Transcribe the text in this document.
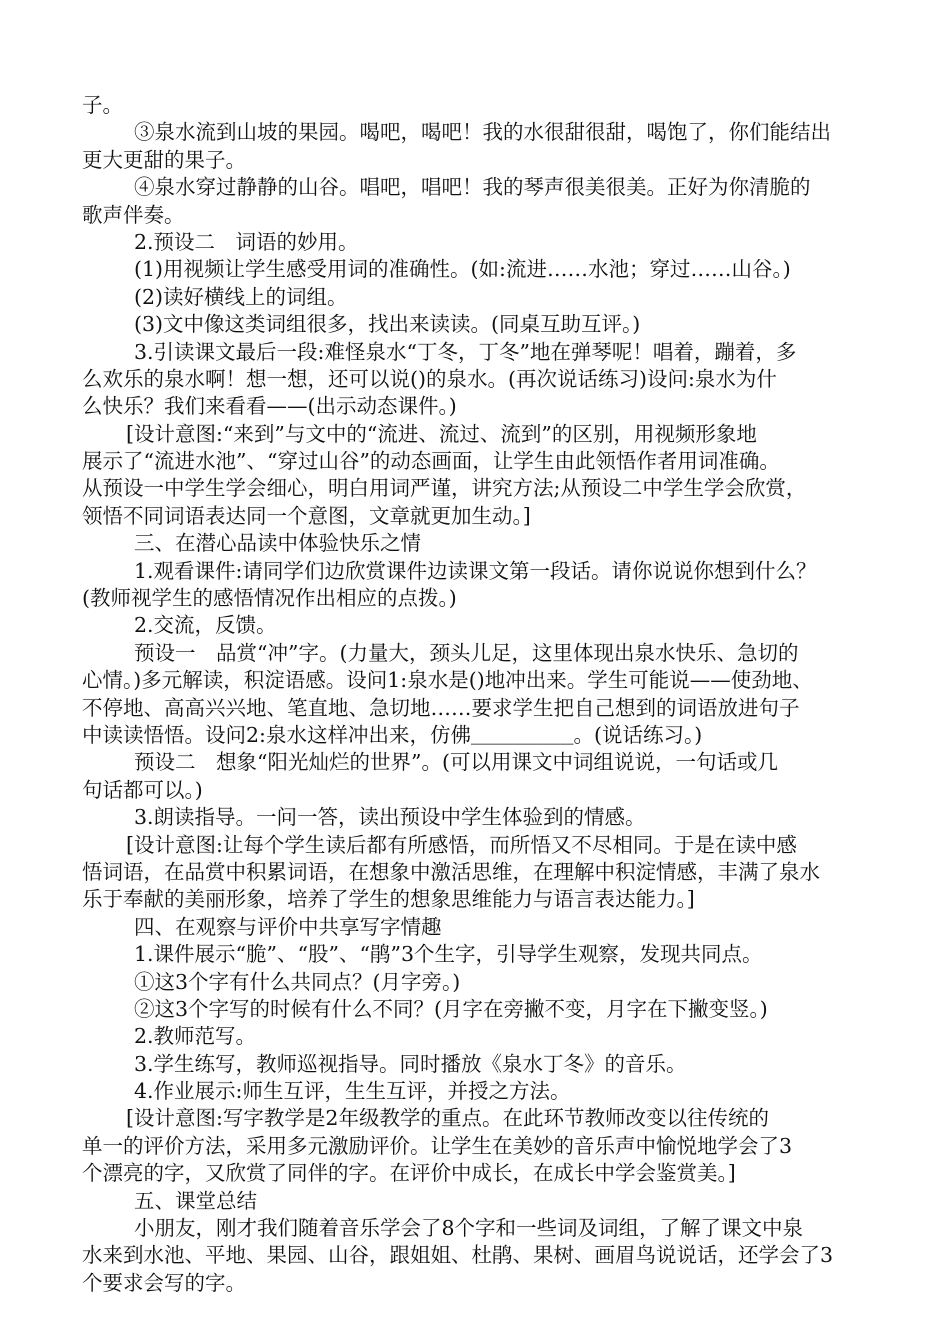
子。
③泉水流到山坡的果园。喝吧，喝吧！我的水很甜很甜，喝饱了，你们能结出
更大更甜的果子。
④泉水穿过静静的山谷。唱吧，唱吧！我的琴声很美很美。正好为你清脆的
歌声伴奏。
2.预设二　词语的妙用。
(1)用视频让学生感受用词的准确性。(如:流进……水池；穿过……山谷。)
(2)读好横线上的词组。
(3)文中像这类词组很多，找出来读读。(同桌互助互评。)
3.引读课文最后一段:难怪泉水“丁冬，丁冬”地在弹琴呢！唱着，蹦着，多
么欢乐的泉水啊！想一想，还可以说()的泉水。(再次说话练习)设问:泉水为什
么快乐？我们来看看——(出示动态课件。)
[设计意图:“来到”与文中的“流进、流过、流到”的区别，用视频形象地
展示了“流进水池”、“穿过山谷”的动态画面，让学生由此领悟作者用词准确。
从预设一中学生学会细心，明白用词严谨，讲究方法;从预设二中学生学会欣赏，
领悟不同词语表达同一个意图，文章就更加生动。]
三、在潜心品读中体验快乐之情
1.观看课件:请同学们边欣赏课件边读课文第一段话。请你说说你想到什么？
(教师视学生的感悟情况作出相应的点拨。)
2.交流，反馈。
预设一　品赏“冲”字。(力量大，颈头儿足，这里体现出泉水快乐、急切的
心情。)多元解读，积淀语感。设问1:泉水是()地冲出来。学生可能说——使劲地、
不停地、高高兴兴地、笔直地、急切地……要求学生把自己想到的词语放进句子
中读读悟悟。设问2:泉水这样冲出来，仿佛＿＿＿＿＿。(说话练习。)
预设二　想象“阳光灿烂的世界”。(可以用课文中词组说说，一句话或几
句话都可以。)
3.朗读指导。一问一答，读出预设中学生体验到的情感。
[设计意图:让每个学生读后都有所感悟，而所悟又不尽相同。于是在读中感
悟词语，在品赏中积累词语，在想象中激活思维，在理解中积淀情感，丰满了泉水
乐于奉献的美丽形象，培养了学生的想象思维能力与语言表达能力。]
四、在观察与评价中共享写字情趣
1.课件展示“脆”、“股”、“鹃”3个生字，引导学生观察，发现共同点。
①这3个字有什么共同点？(月字旁。)
②这3个字写的时候有什么不同？(月字在旁撇不变，月字在下撇变竖。)
2.教师范写。
3.学生练写，教师巡视指导。同时播放《泉水丁冬》的音乐。
4.作业展示:师生互评，生生互评，并授之方法。
[设计意图:写字教学是2年级教学的重点。在此环节教师改变以往传统的
单一的评价方法，采用多元激励评价。让学生在美妙的音乐声中愉悦地学会了3
个漂亮的字，又欣赏了同伴的字。在评价中成长，在成长中学会鉴赏美。]
五、课堂总结
小朋友，刚才我们随着音乐学会了8个字和一些词及词组，了解了课文中泉
水来到水池、平地、果园、山谷，跟姐姐、杜鹃、果树、画眉鸟说说话，还学会了3
个要求会写的字。
